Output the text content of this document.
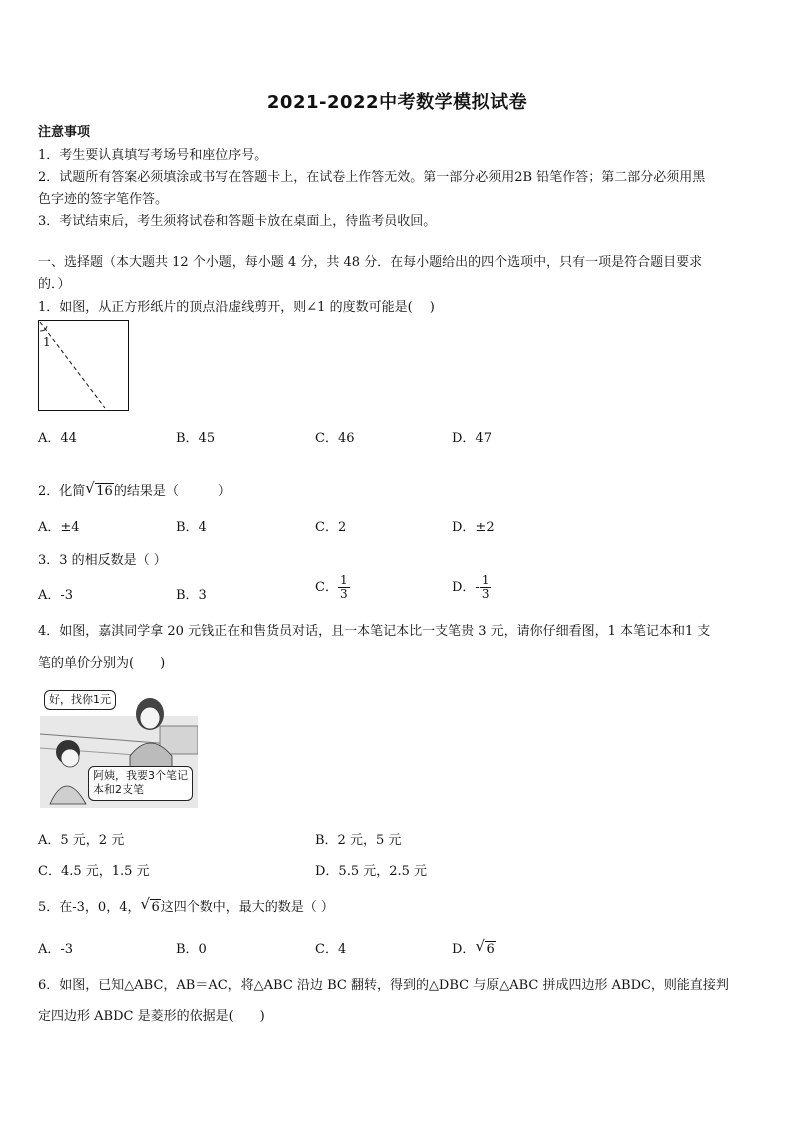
2021-2022中考数学模拟试卷
注意事项
1．考生要认真填写考场号和座位序号。
2．试题所有答案必须填涂或书写在答题卡上，在试卷上作答无效。第一部分必须用2B 铅笔作答；第二部分必须用黑
色字迹的签字笔作答。
3．考试结束后，考生须将试卷和答题卡放在桌面上，待监考员收回。
一、选择题（本大题共 12 个小题，每小题 4 分，共 48 分．在每小题给出的四个选项中，只有一项是符合题目要求
的．）
1．如图，从正方形纸片的顶点沿虚线剪开，则∠1 的度数可能是(　 )
1
A．44	B．45	C．46	D．47
2．化简 √ 16的结果是（　　　）
A．±4	B．4	C．2	D．±2
3．3 的相反数是（ ）
A．-3	B．3
C． $\frac{1}{3}$	D．- $\frac{1}{3}$
4．如图，嘉淇同学拿 20 元钱正在和售货员对话，且一本笔记本比一支笔贵 3 元，请你仔细看图，1 本笔记本和1 支
笔的单价分别为(　　)
好，找你1元
阿姨，我要3个笔记
本和2支笔
A．5 元，2 元	B．2 元，5 元
C．4.5 元，1.5 元	D．5.5 元，2.5 元
5．在-3，0，4， √ 6这四个数中，最大的数是（ ）
A．-3	B．0	C．4	D． √ 6
6．如图，已知△ABC，AB＝AC，将△ABC 沿边 BC 翻转，得到的△DBC 与原△ABC 拼成四边形 ABDC，则能直接判
定四边形 ABDC 是菱形的依据是(　　)
